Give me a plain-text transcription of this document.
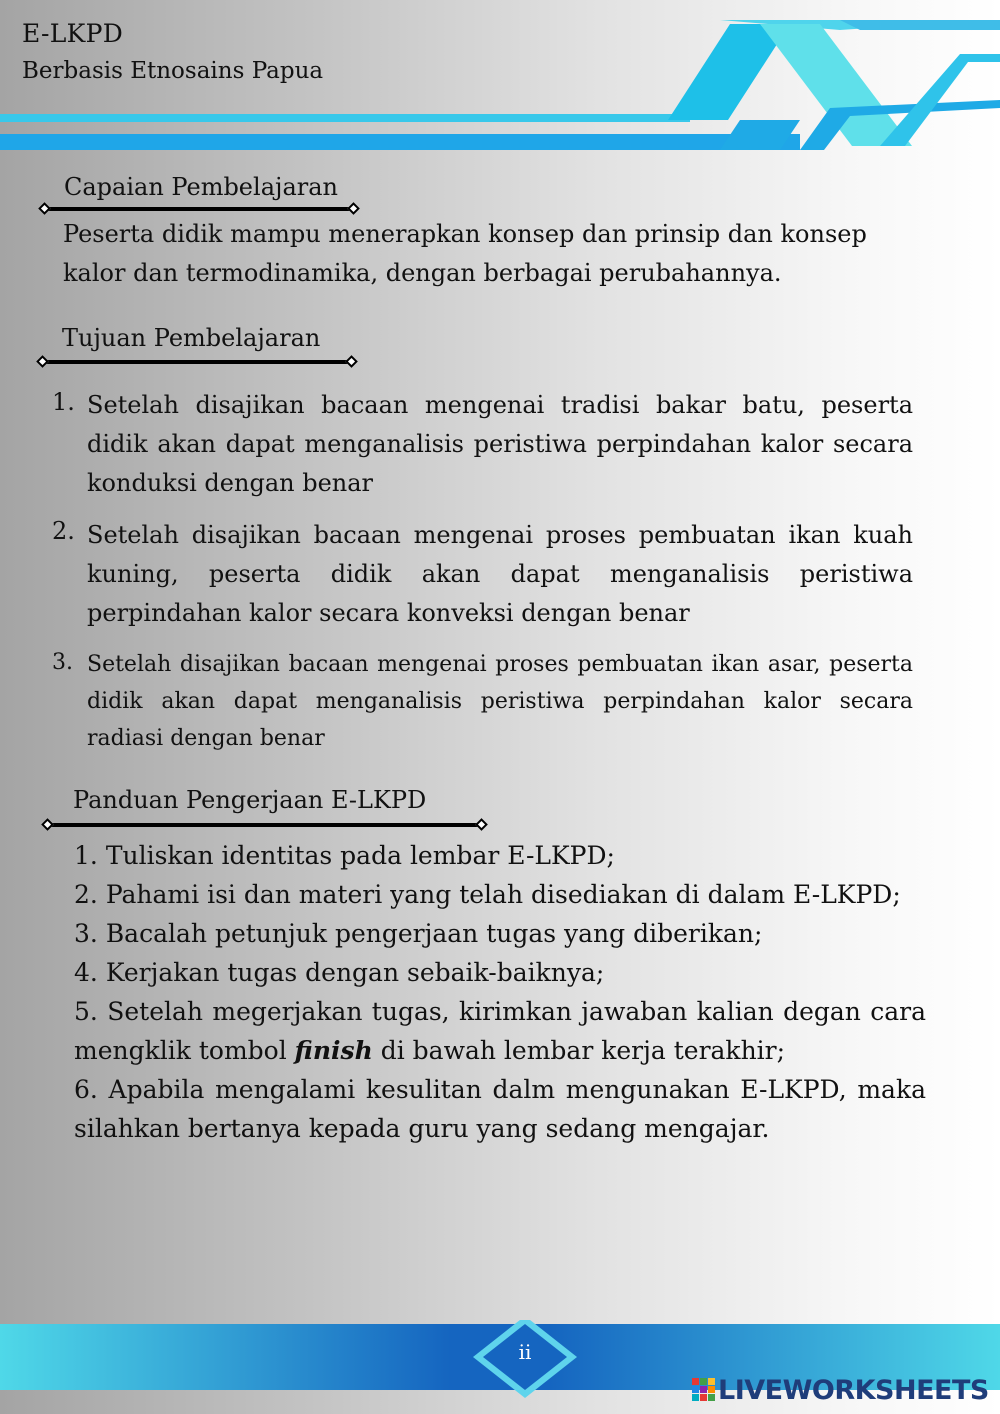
E-LKPD
Berbasis Etnosains Papua
Capaian Pembelajaran
Peserta didik mampu menerapkan konsep dan prinsip dan konsep
kalor dan termodinamika, dengan berbagai perubahannya.
Tujuan Pembelajaran
1. Setelah disajikan bacaan mengenai tradisi bakar batu, peserta didik akan dapat menganalisis peristiwa perpindahan kalor secara konduksi dengan benar
2. Setelah disajikan bacaan mengenai proses pembuatan ikan kuah kuning, peserta didik akan dapat menganalisis peristiwa perpindahan kalor secara konveksi dengan benar
3. Setelah disajikan bacaan mengenai proses pembuatan ikan asar, peserta didik akan dapat menganalisis peristiwa perpindahan kalor secara radiasi dengan benar
Panduan Pengerjaan E-LKPD
1. Tuliskan identitas pada lembar E-LKPD;
2. Pahami isi dan materi yang telah disediakan di dalam E-LKPD;
3. Bacalah petunjuk pengerjaan tugas yang diberikan;
4. Kerjakan tugas dengan sebaik-baiknya;
5. Setelah megerjakan tugas, kirimkan jawaban kalian degan cara mengklik tombol finish di bawah lembar kerja terakhir;
6. Apabila mengalami kesulitan dalm mengunakan E-LKPD, maka silahkan bertanya kepada guru yang sedang mengajar.
ii
LIVEWORKSHEETS
